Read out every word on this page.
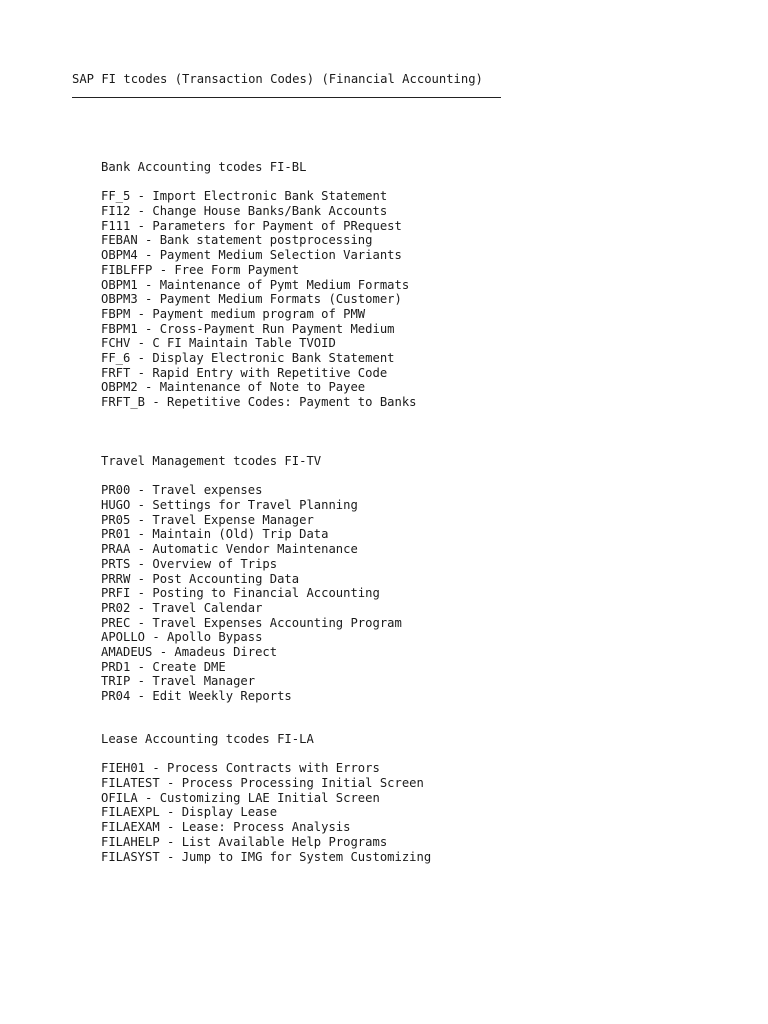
SAP FI tcodes (Transaction Codes) (Financial Accounting)
Bank Accounting tcodes FI-BL
FF_5 - Import Electronic Bank Statement
FI12 - Change House Banks/Bank Accounts
F111 - Parameters for Payment of PRequest
FEBAN - Bank statement postprocessing
OBPM4 - Payment Medium Selection Variants
FIBLFFP - Free Form Payment
OBPM1 - Maintenance of Pymt Medium Formats
OBPM3 - Payment Medium Formats (Customer)
FBPM - Payment medium program of PMW
FBPM1 - Cross-Payment Run Payment Medium
FCHV - C FI Maintain Table TVOID
FF_6 - Display Electronic Bank Statement
FRFT - Rapid Entry with Repetitive Code
OBPM2 - Maintenance of Note to Payee
FRFT_B - Repetitive Codes: Payment to Banks
Travel Management tcodes FI-TV
PR00 - Travel expenses
HUGO - Settings for Travel Planning
PR05 - Travel Expense Manager
PR01 - Maintain (Old) Trip Data
PRAA - Automatic Vendor Maintenance
PRTS - Overview of Trips
PRRW - Post Accounting Data
PRFI - Posting to Financial Accounting
PR02 - Travel Calendar
PREC - Travel Expenses Accounting Program
APOLLO - Apollo Bypass
AMADEUS - Amadeus Direct
PRD1 - Create DME
TRIP - Travel Manager
PR04 - Edit Weekly Reports
Lease Accounting tcodes FI-LA
FIEH01 - Process Contracts with Errors
FILATEST - Process Processing Initial Screen
OFILA - Customizing LAE Initial Screen
FILAEXPL - Display Lease
FILAEXAM - Lease: Process Analysis
FILAHELP - List Available Help Programs
FILASYST - Jump to IMG for System Customizing
